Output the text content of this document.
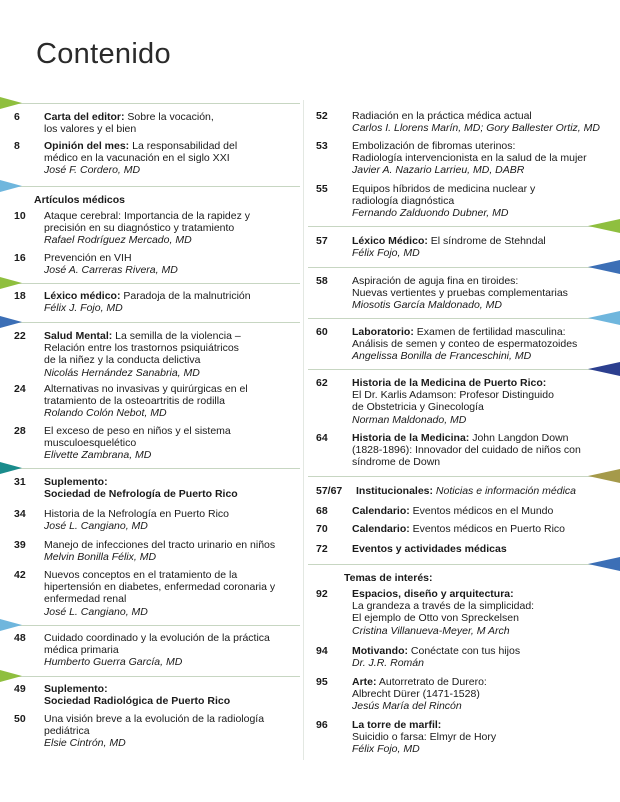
Contenido
6 Carta del editor: Sobre la vocación,
los valores y el bien
8 Opinión del mes: La responsabilidad del
médico en la vacunación en el siglo XXI
José F. Cordero, MD
Artículos médicos
10 Ataque cerebral: Importancia de la rapidez y
precisión en su diagnóstico y tratamiento
Rafael Rodríguez Mercado, MD
16 Prevención en VIH
José A. Carreras Rivera, MD
18 Léxico médico: Paradoja de la malnutrición
Félix J. Fojo, MD
22 Salud Mental: La semilla de la violencia –
Relación entre los trastornos psiquiátricos
de la niñez y la conducta delictiva
Nicolás Hernández Sanabria, MD
24 Alternativas no invasivas y quirúrgicas en el
tratamiento de la osteoartritis de rodilla
Rolando Colón Nebot, MD
28 El exceso de peso en niños y el sistema
musculoesquelético
Elivette Zambrana, MD
31 Suplemento:
Sociedad de Nefrología de Puerto Rico
34 Historia de la Nefrología en Puerto Rico
José L. Cangiano, MD
39 Manejo de infecciones del tracto urinario en niños
Melvin Bonilla Félix, MD
42 Nuevos conceptos en el tratamiento de la
hipertensión en diabetes, enfermedad coronaria y
enfermedad renal
José L. Cangiano, MD
48 Cuidado coordinado y la evolución de la práctica
médica primaria
Humberto Guerra García, MD
49 Suplemento:
Sociedad Radiológica de Puerto Rico
50 Una visión breve a la evolución de la radiología
pediátrica
Elsie Cintrón, MD
52 Radiación en la práctica médica actual
Carlos I. Llorens Marín, MD; Gory Ballester Ortiz, MD
53 Embolización de fibromas uterinos:
Radiología intervencionista en la salud de la mujer
Javier A. Nazario Larrieu, MD, DABR
55 Equipos híbridos de medicina nuclear y
radiología diagnóstica
Fernando Zalduondo Dubner, MD
57 Léxico Médico: El síndrome de Stehndal
Félix Fojo, MD
58 Aspiración de aguja fina en tiroides:
Nuevas vertientes y pruebas complementarias
Miosotis García Maldonado, MD
60 Laboratorio: Examen de fertilidad masculina:
Análisis de semen y conteo de espermatozoides
Angelissa Bonilla de Franceschini, MD
62 Historia de la Medicina de Puerto Rico:
El Dr. Karlis Adamson: Profesor Distinguido
de Obstetricia y Ginecología
Norman Maldonado, MD
64 Historia de la Medicina: John Langdon Down
(1828-1896): Innovador del cuidado de niños con
síndrome de Down
57/67 Institucionales: Noticias e información médica
68 Calendario: Eventos médicos en el Mundo
70 Calendario: Eventos médicos en Puerto Rico
72 Eventos y actividades médicas
Temas de interés:
92 Espacios, diseño y arquitectura:
La grandeza a través de la simplicidad:
El ejemplo de Otto von Spreckelsen
Cristina Villanueva-Meyer, M Arch
94 Motivando: Conéctate con tus hijos
Dr. J.R. Román
95 Arte: Autorretrato de Durero:
Albrecht Dürer (1471-1528)
Jesús María del Rincón
96 La torre de marfil:
Suicidio o farsa: Elmyr de Hory
Félix Fojo, MD
